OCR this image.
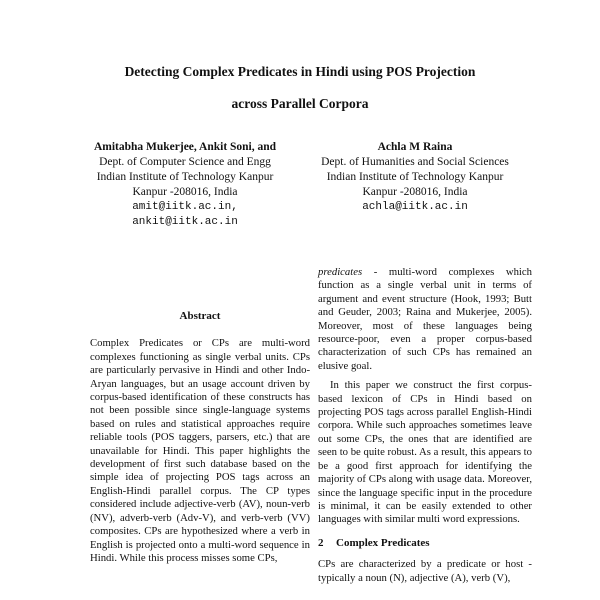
Detecting Complex Predicates in Hindi using POS Projection
across Parallel Corpora
Amitabha Mukerjee, Ankit Soni, and
Dept. of Computer Science and Engg
Indian Institute of Technology Kanpur
Kanpur -208016, India
amit@iitk.ac.in,
ankit@iitk.ac.in
Achla M Raina
Dept. of Humanities and Social Sciences
Indian Institute of Technology Kanpur
Kanpur -208016, India
achla@iitk.ac.in
Abstract

Complex Predicates or CPs are multi-word complexes functioning as single verbal units. CPs are particularly pervasive in Hindi and other Indo-Aryan languages, but an usage account driven by corpus-based identification of these constructs has not been possible since single-language systems based on rules and statistical approaches require reliable tools (POS taggers, parsers, etc.) that are unavailable for Hindi. This paper highlights the development of first such database based on the simple idea of projecting POS tags across an English-Hindi parallel corpus. The CP types considered include adjective-verb (AV), noun-verb (NV), adverb-verb (Adv-V), and verb-verb (VV) composites. CPs are hypothesized where a verb in English is projected onto a multi-word sequence in Hindi. While this process misses some CPs,

predicates - multi-word complexes which function as a single verbal unit in terms of argument and event structure (Hook, 1993; Butt and Geuder, 2003; Raina and Mukerjee, 2005). Moreover, most of these languages being resource-poor, even a proper corpus-based characterization of such CPs has remained an elusive goal.

In this paper we construct the first corpus-based lexicon of CPs in Hindi based on projecting POS tags across parallel English-Hindi corpora. While such approaches sometimes leave out some CPs, the ones that are identified are seen to be quite robust. As a result, this appears to be a good first approach for identifying the majority of CPs along with usage data. Moreover, since the language specific input in the procedure is minimal, it can be easily extended to other languages with similar multi word expressions.

2 Complex Predicates

CPs are characterized by a predicate or host - typically a noun (N), adjective (A), verb (V),
